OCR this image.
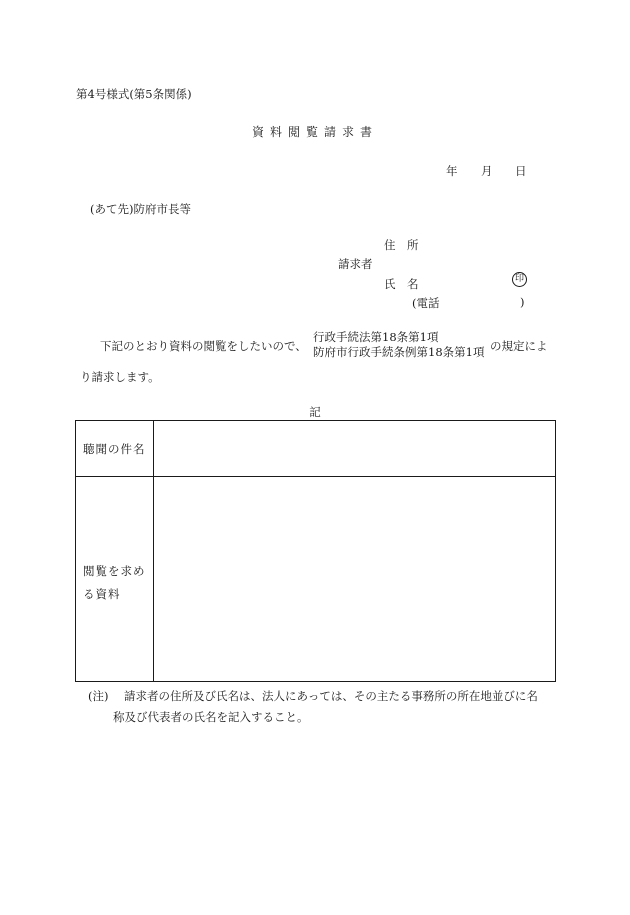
第4号様式(第5条関係)
資料閲覧請求書
年 月 日
(あて先)防府市長等
住　所
請求者
氏　名	印
(電話	)
下記のとおり資料の閲覧をしたいので、
行政手続法第18条第1項
防府市行政手続条例第18条第1項 の規定によ
り請求します。
記
聴聞の件名
閲覧を求め
る資料
(注) 請求者の住所及び氏名は、法人にあっては、その主たる事務所の所在地並びに名
称及び代表者の氏名を記入すること。
